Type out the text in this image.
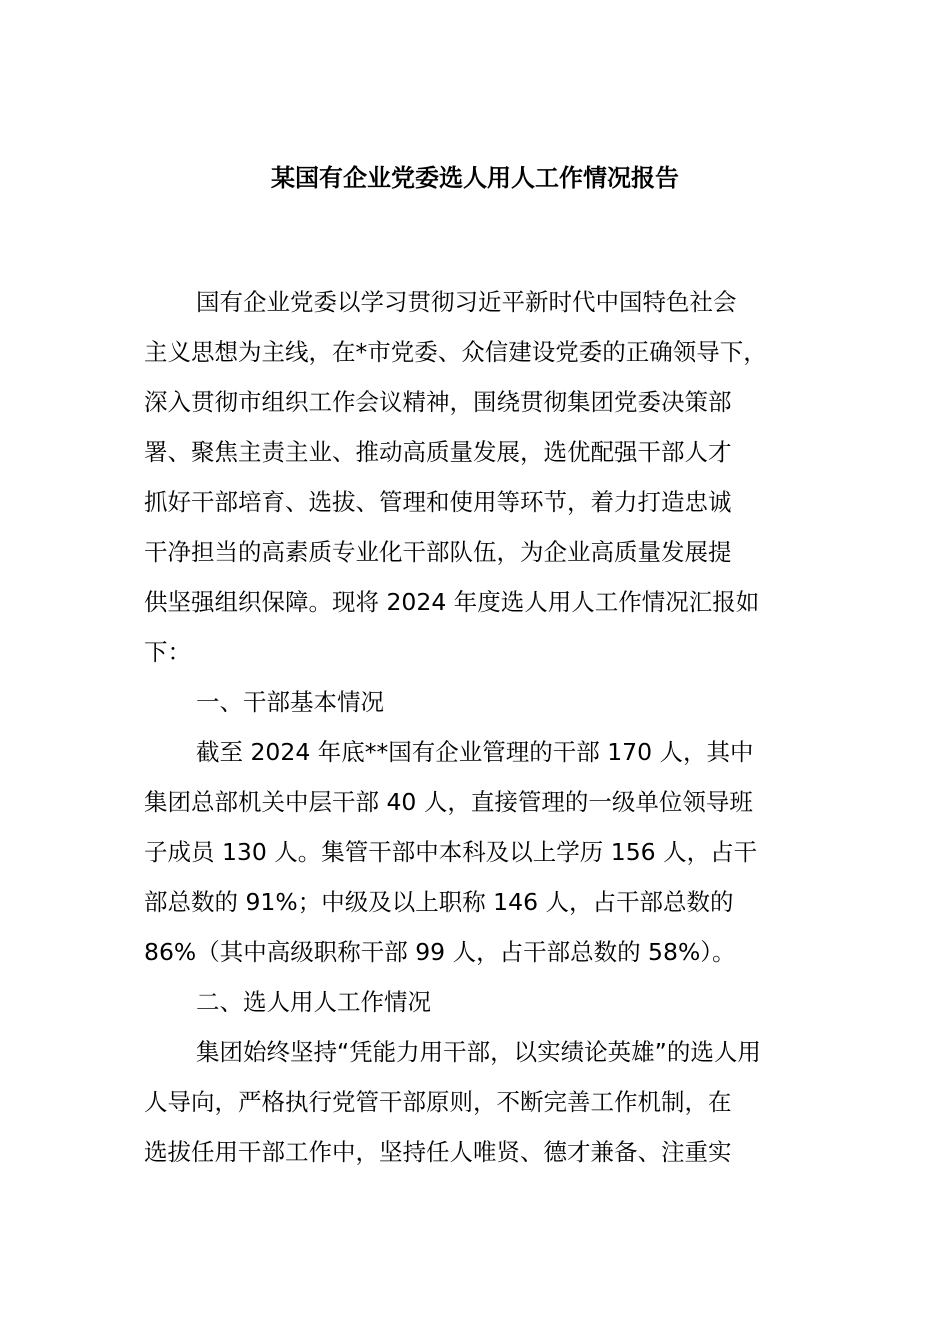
某国有企业党委选人用人工作情况报告
国有企业党委以学习贯彻习近平新时代中国特色社会
主义思想为主线，在*市党委、众信建设党委的正确领导下，
深入贯彻市组织工作会议精神，围绕贯彻集团党委决策部
署、聚焦主责主业、推动高质量发展，选优配强干部人才
抓好干部培育、选拔、管理和使用等环节，着力打造忠诚
干净担当的高素质专业化干部队伍，为企业高质量发展提
供坚强组织保障。现将 2024 年度选人用人工作情况汇报如
下：
一、干部基本情况
截至 2024 年底**国有企业管理的干部 170 人，其中
集团总部机关中层干部 40 人，直接管理的一级单位领导班
子成员 130 人。集管干部中本科及以上学历 156 人，占干
部总数的 91%；中级及以上职称 146 人，占干部总数的
86%（其中高级职称干部 99 人，占干部总数的 58%）。
二、选人用人工作情况
集团始终坚持“凭能力用干部，以实绩论英雄”的选人用
人导向，严格执行党管干部原则，不断完善工作机制，在
选拔任用干部工作中，坚持任人唯贤、德才兼备、注重实
